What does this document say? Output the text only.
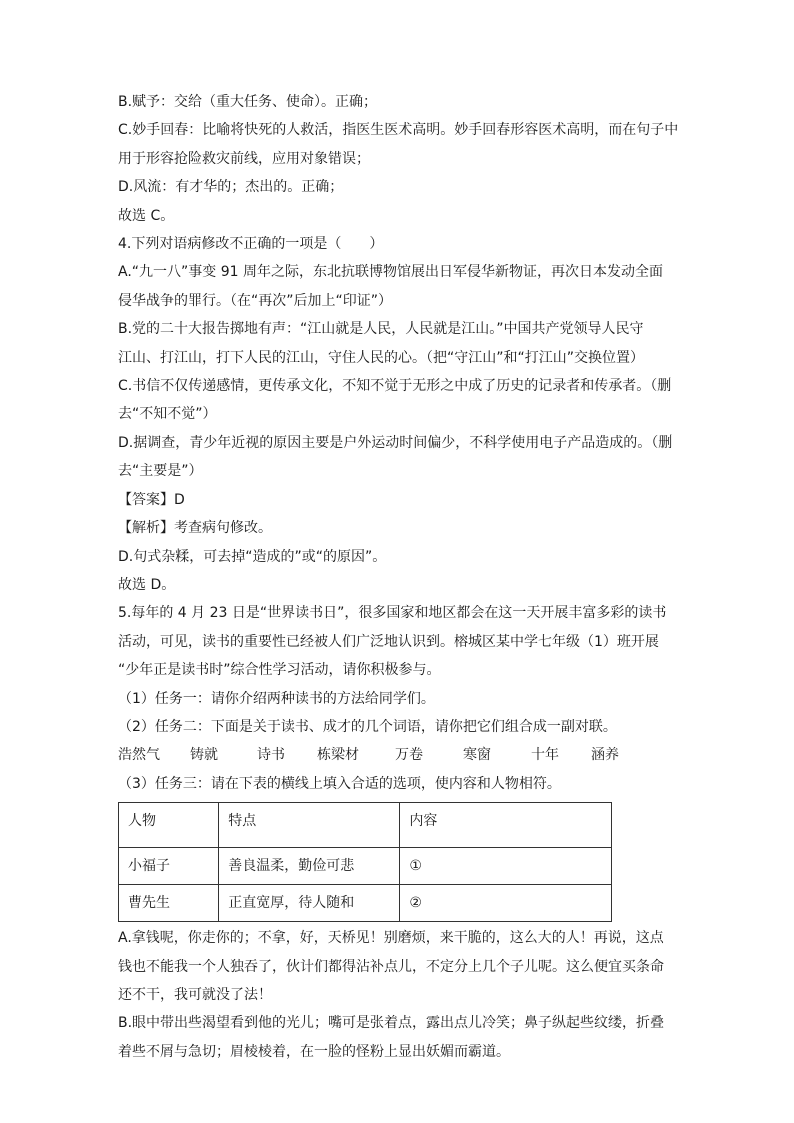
B.赋予：交给（重大任务、使命）。正确；
C.妙手回春：比喻将快死的人救活，指医生医术高明。妙手回春形容医术高明，而在句子中
用于形容抢险救灾前线，应用对象错误；
D.风流：有才华的；杰出的。正确；
故选 C。
4.下列对语病修改不正确的一项是（　　）
A.“九一八”事变 91 周年之际，东北抗联博物馆展出日军侵华新物证，再次日本发动全面
侵华战争的罪行。（在“再次”后加上“印证”）
B.党的二十大报告掷地有声：“江山就是人民，人民就是江山。”中国共产党领导人民守
江山、打江山，打下人民的江山，守住人民的心。（把“守江山”和“打江山”交换位置）
C.书信不仅传递感情，更传承文化，不知不觉于无形之中成了历史的记录者和传承者。（删
去“不知不觉”）
D.据调查，青少年近视的原因主要是户外运动时间偏少，不科学使用电子产品造成的。（删
去“主要是”）
【答案】D
【解析】考查病句修改。
D.句式杂糅，可去掉“造成的”或“的原因”。
故选 D。
5.每年的 4 月 23 日是“世界读书日”，很多国家和地区都会在这一天开展丰富多彩的读书
活动，可见，读书的重要性已经被人们广泛地认识到。榕城区某中学七年级（1）班开展
“少年正是读书时”综合性学习活动，请你积极参与。
（1）任务一：请你介绍两种读书的方法给同学们。
（2）任务二：下面是关于读书、成才的几个词语，请你把它们组合成一副对联。
浩然气	铸就	诗书	栋梁材	万卷	寒窗	十年	涵养
（3）任务三：请在下表的横线上填入合适的选项，使内容和人物相符。
人物	特点	内容
小福子	善良温柔，勤俭可悲	①
曹先生	正直宽厚，待人随和	②
A.拿钱呢，你走你的；不拿，好，天桥见！别磨烦，来干脆的，这么大的人！再说，这点
钱也不能我一个人独吞了，伙计们都得沾补点儿，不定分上几个子儿呢。这么便宜买条命
还不干，我可就没了法！
B.眼中带出些渴望看到他的光儿；嘴可是张着点，露出点儿冷笑；鼻子纵起些纹缕，折叠
着些不屑与急切；眉棱棱着，在一脸的怪粉上显出妖媚而霸道。
